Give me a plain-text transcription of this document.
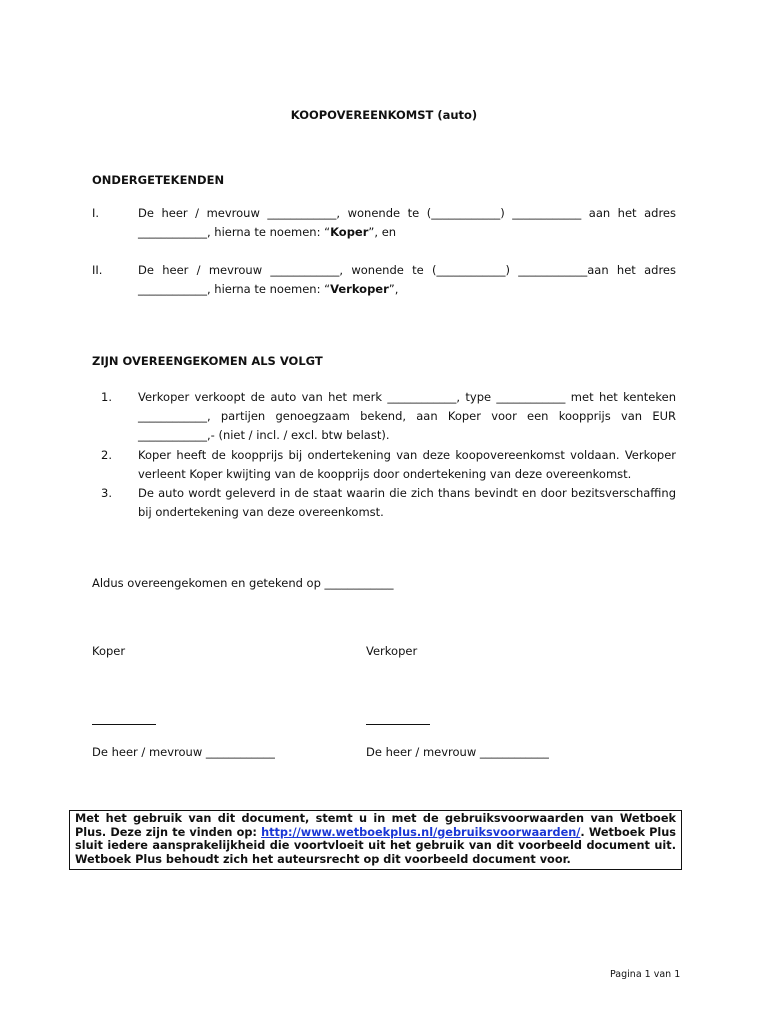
KOOPOVEREENKOMST (auto)
ONDERGETEKENDEN
I.	De heer / mevrouw ____________, wonende te (____________) ____________ aan het adres ____________, hierna te noemen: “Koper”, en
II.	De heer / mevrouw ____________, wonende te (____________) ____________aan het adres ____________, hierna te noemen: “Verkoper”,
ZIJN OVEREENGEKOMEN ALS VOLGT
1. Verkoper verkoopt de auto van het merk ____________, type ____________ met het kenteken ____________, partijen genoegzaam bekend, aan Koper voor een koopprijs van EUR ____________,- (niet / incl. / excl. btw belast).
2. Koper heeft de koopprijs bij ondertekening van deze koopovereenkomst voldaan. Verkoper verleent Koper kwijting van de koopprijs door ondertekening van deze overeenkomst.
3. De auto wordt geleverd in de staat waarin die zich thans bevindt en door bezitsverschaffing bij ondertekening van deze overeenkomst.
Aldus overeengekomen en getekend op ____________
Koper	Verkoper
De heer / mevrouw ____________	De heer / mevrouw ____________
Met het gebruik van dit document, stemt u in met de gebruiksvoorwaarden van Wetboek Plus. Deze zijn te vinden op: http://www.wetboekplus.nl/gebruiksvoorwaarden/. Wetboek Plus sluit iedere aansprakelijkheid die voortvloeit uit het gebruik van dit voorbeeld document uit. Wetboek Plus behoudt zich het auteursrecht op dit voorbeeld document voor.
Pagina 1 van 1
